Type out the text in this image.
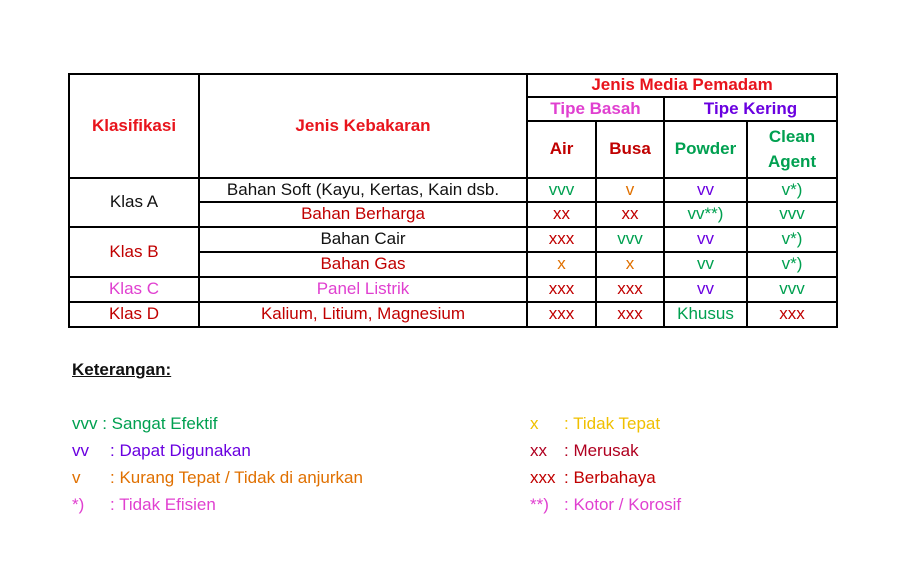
Klasifikasi	Jenis Kebakaran	Jenis Media Pemadam			
		Tipe Basah		Tipe Kering	
		Air	Busa	Powder	Clean Agent
Klas A	Bahan Soft (Kayu, Kertas, Kain dsb.	vvv	v	vv	v*)
	Bahan Berharga	xx	xx	vv**)	vvv
Klas B	Bahan Cair	xxx	vvv	vv	v*)
	Bahan Gas	x	x	vv	v*)
Klas C	Panel Listrik	xxx	xxx	vv	vvv
Klas D	Kalium, Litium, Magnesium	xxx	xxx	Khusus	xxx
Keterangan:
vvv : Sangat Efektif
vv : Dapat Digunakan
v : Kurang Tepat / Tidak di anjurkan
*) : Tidak Efisien
x : Tidak Tepat
xx : Merusak
xxx : Berbahaya
**) : Kotor / Korosif
